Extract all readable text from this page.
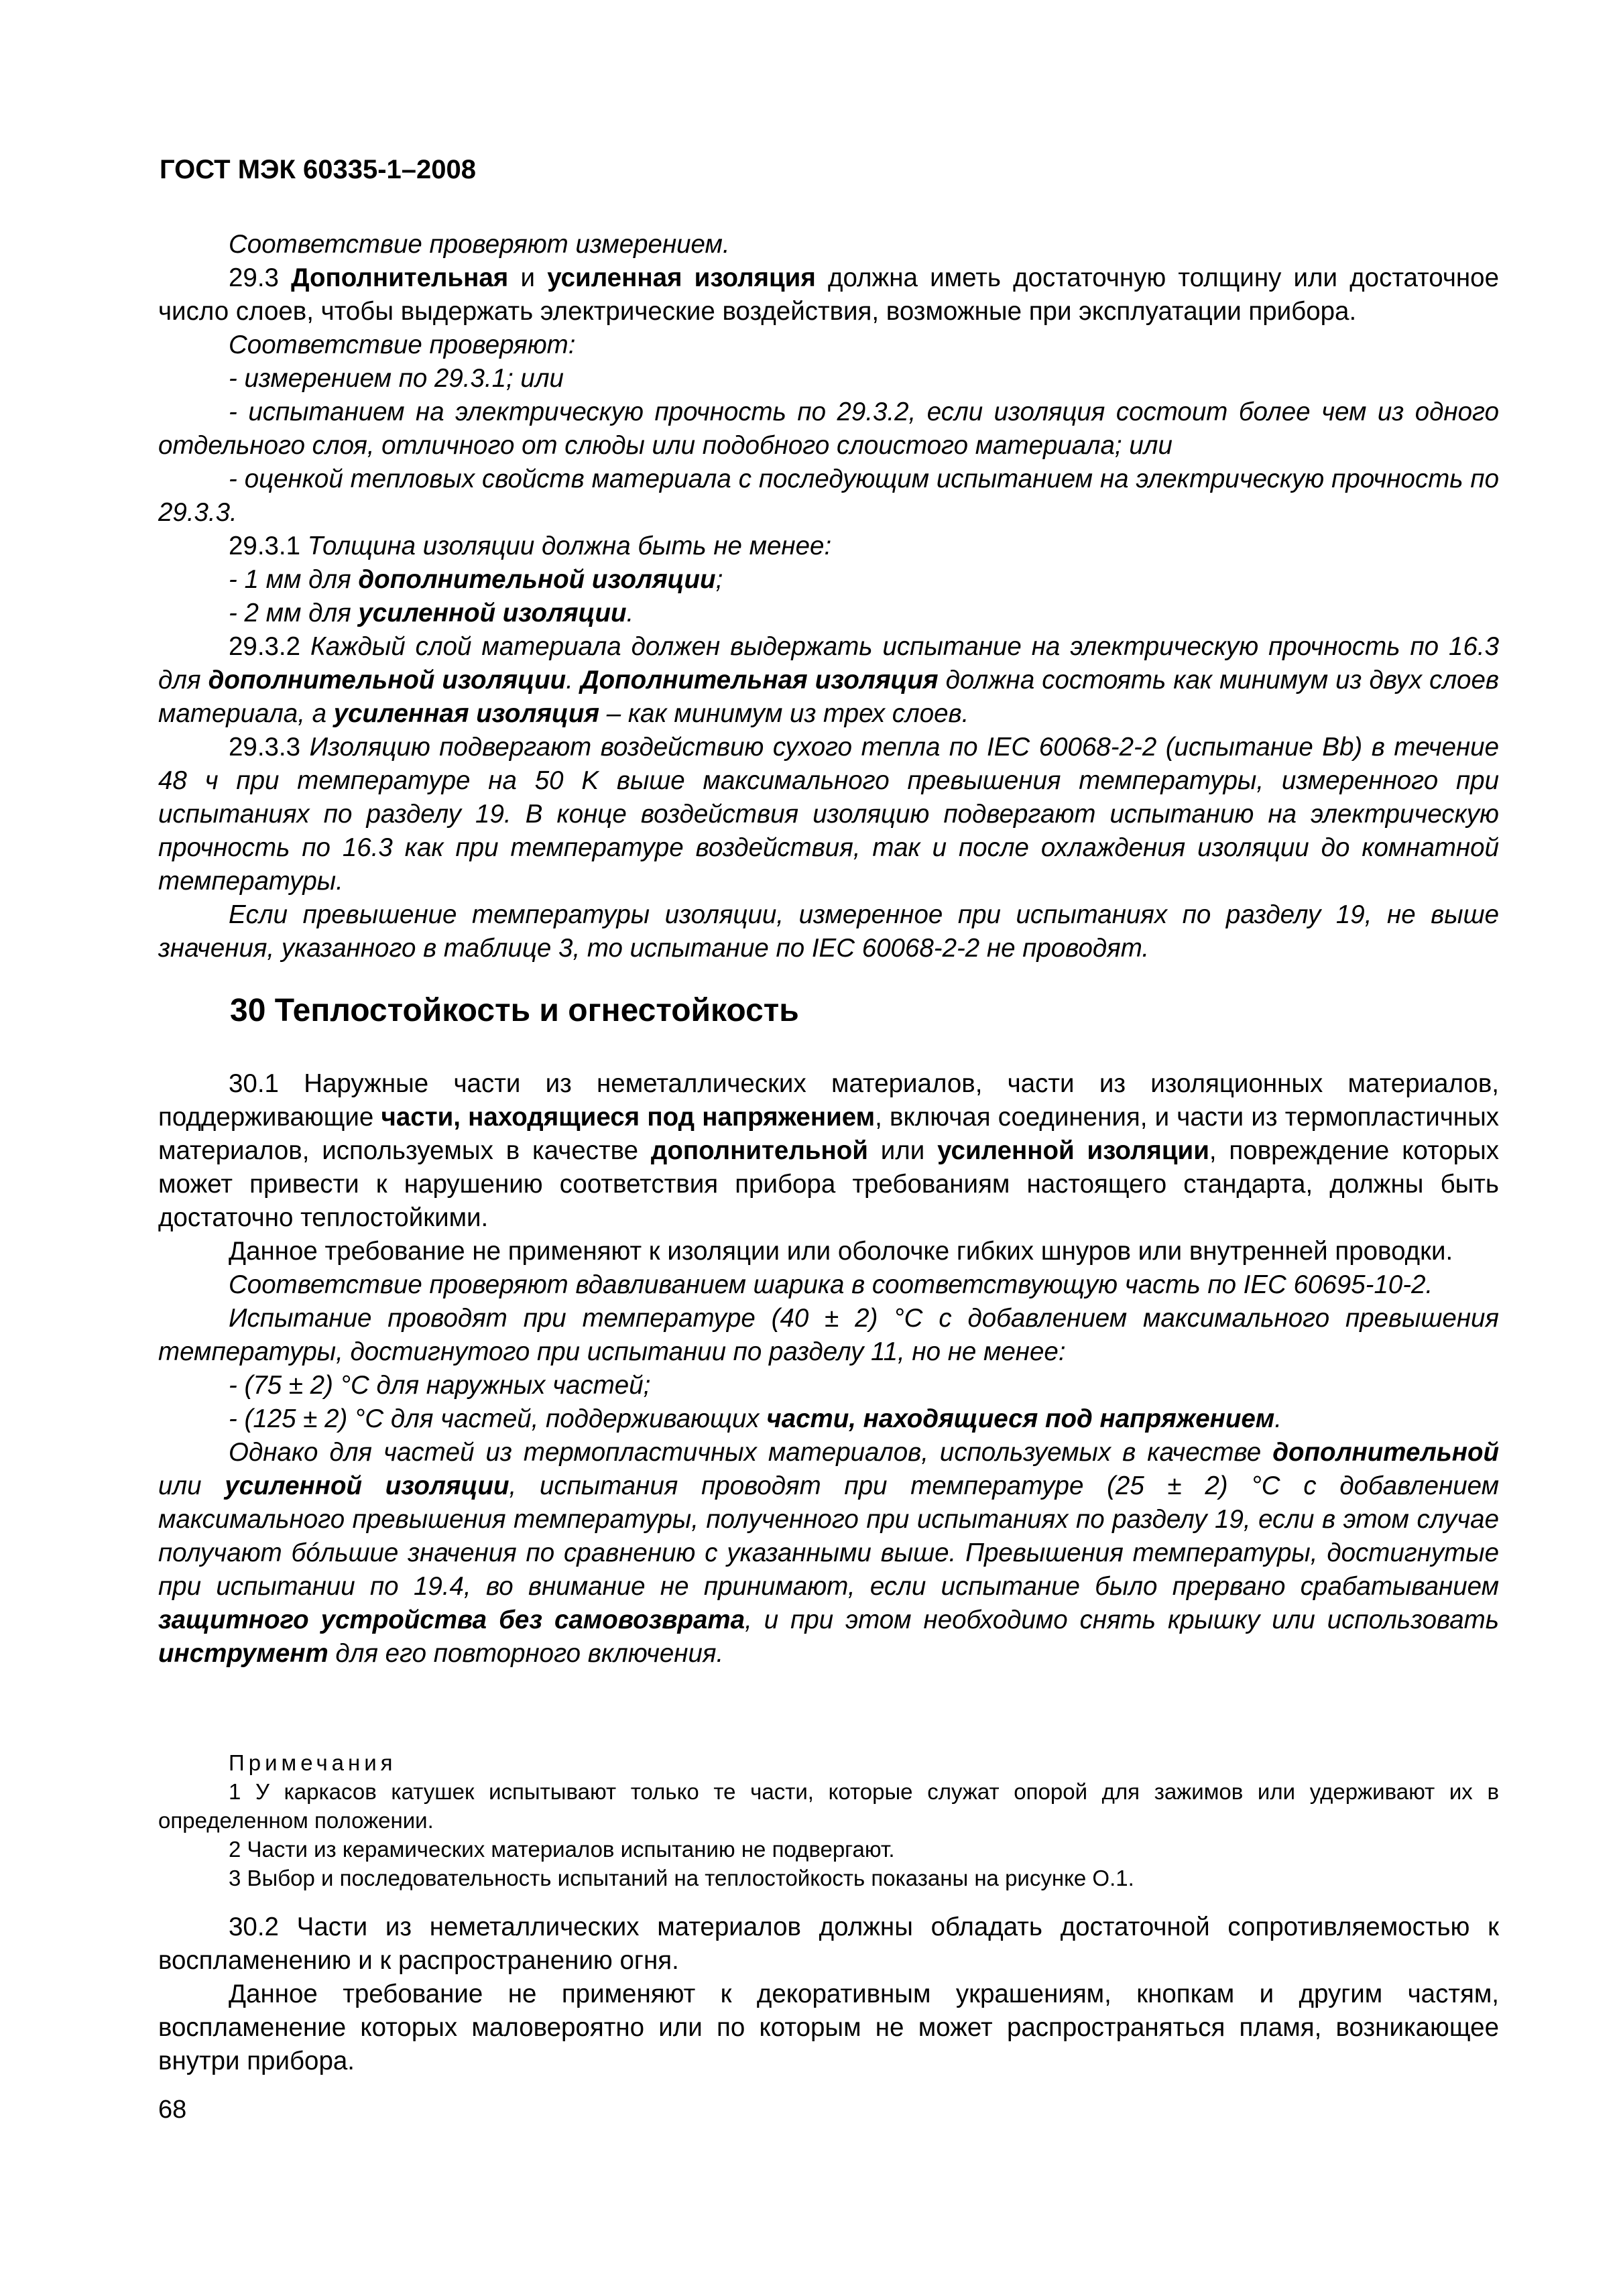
ГОСТ МЭК 60335-1–2008

Соответствие проверяют измерением.

29.3 Дополнительная и усиленная изоляция должна иметь достаточную толщину или достаточное число слоев, чтобы выдержать электрические воздействия, возможные при эксплуатации прибора.

Соответствие проверяют:

- измерением по 29.3.1; или

- испытанием на электрическую прочность по 29.3.2, если изоляция состоит более чем из одного отдельного слоя, отличного от слюды или подобного слоистого материала; или

- оценкой тепловых свойств материала с последующим испытанием на электрическую прочность по 29.3.3.

29.3.1 Толщина изоляции должна быть не менее:

- 1 мм для дополнительной изоляции;

- 2 мм для усиленной изоляции.

29.3.2 Каждый слой материала должен выдержать испытание на электрическую прочность по 16.3 для дополнительной изоляции. Дополнительная изоляция должна состоять как минимум из двух слоев материала, а усиленная изоляция – как минимум из трех слоев.

29.3.3 Изоляцию подвергают воздействию сухого тепла по IEC 60068-2-2 (испытание Bb) в течение 48 ч при температуре на 50 K выше максимального превышения температуры, измеренного при испытаниях по разделу 19. В конце воздействия изоляцию подвергают испытанию на электрическую прочность по 16.3 как при температуре воздействия, так и после охлаждения изоляции до комнатной температуры.

Если превышение температуры изоляции, измеренное при испытаниях по разделу 19, не выше значения, указанного в таблице 3, то испытание по IEC 60068-2-2 не проводят.

30 Теплостойкость и огнестойкость

30.1 Наружные части из неметаллических материалов, части из изоляционных материалов, поддерживающие части, находящиеся под напряжением, включая соединения, и части из термопластичных материалов, используемых в качестве дополнительной или усиленной изоляции, повреждение которых может привести к нарушению соответствия прибора требованиям настоящего стандарта, должны быть достаточно теплостойкими.

Данное требование не применяют к изоляции или оболочке гибких шнуров или внутренней проводки.

Соответствие проверяют вдавливанием шарика в соответствующую часть по IEC 60695-10-2.

Испытание проводят при температуре (40 ± 2) °С с добавлением максимального превышения температуры, достигнутого при испытании по разделу 11, но не менее:

- (75 ± 2) °С для наружных частей;

- (125 ± 2) °С для частей, поддерживающих части, находящиеся под напряжением.

Однако для частей из термопластичных материалов, используемых в качестве дополнительной или усиленной изоляции, испытания проводят при температуре (25 ± 2) °С с добавлением максимального превышения температуры, полученного при испытаниях по разделу 19, если в этом случае получают бóльшие значения по сравнению с указанными выше. Превышения температуры, достигнутые при испытании по 19.4, во внимание не принимают, если испытание было прервано срабатыванием защитного устройства без самовозврата, и при этом необходимо снять крышку или использовать инструмент для его повторного включения.

Примечания

1 У каркасов катушек испытывают только те части, которые служат опорой для зажимов или удерживают их в определенном положении.

2 Части из керамических материалов испытанию не подвергают.

3 Выбор и последовательность испытаний на теплостойкость показаны на рисунке О.1.

30.2 Части из неметаллических материалов должны обладать достаточной сопротивляемостью к воспламенению и к распространению огня.

Данное требование не применяют к декоративным украшениям, кнопкам и другим частям, воспламенение которых маловероятно или по которым не может распространяться пламя, возникающее внутри прибора.

68
